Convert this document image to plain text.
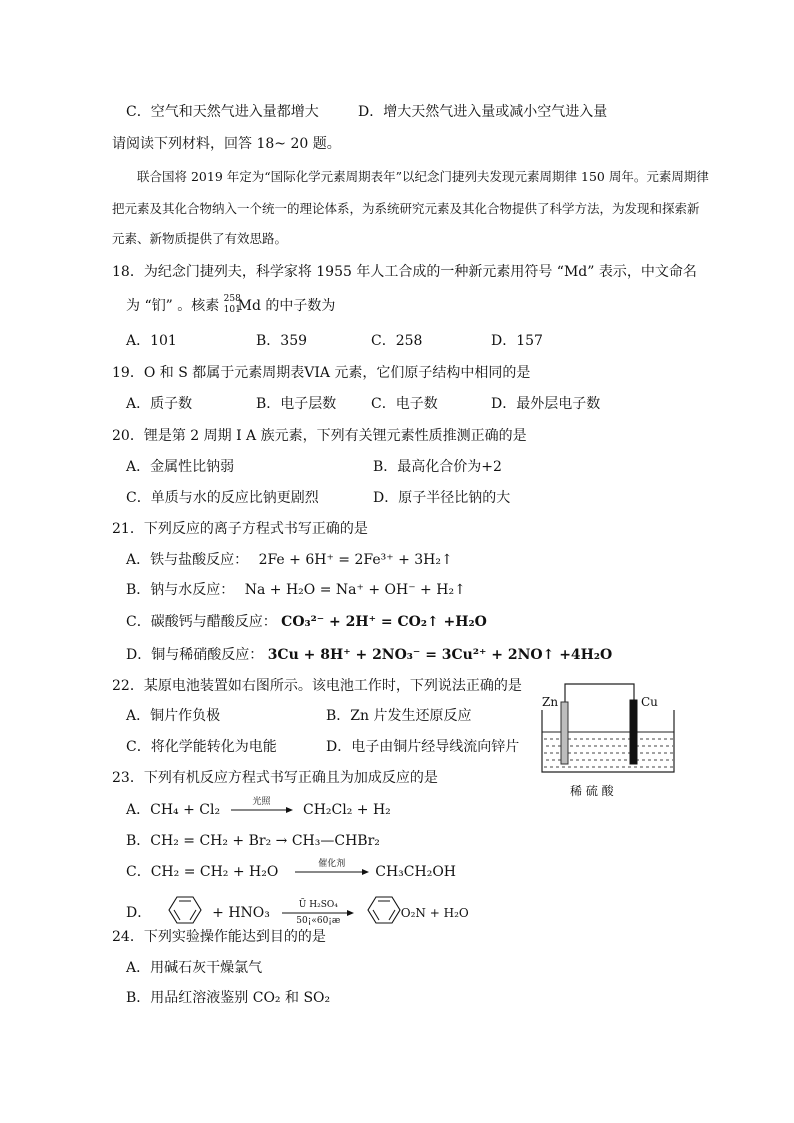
C．空气和天然气进入量都增大	D．增大天然气进入量或减小空气进入量
请阅读下列材料，回答 18~ 20 题。
联合国将 2019 年定为“国际化学元素周期表年”以纪念门捷列夫发现元素周期律 150 周年。元素周期律
把元素及其化合物纳入一个统一的理论体系，为系统研究元素及其化合物提供了科学方法，为发现和探索新
元素、新物质提供了有效思路。
18．为纪念门捷列夫，科学家将 1955 年人工合成的一种新元素用符号 “Md” 表示，中文命名
为 “钔” 。核素 258
101
Md 的中子数为
A．101	B．359	C．258	D．157
19．O 和 S 都属于元素周期表VIA 元素，它们原子结构中相同的是
A．质子数	B．电子层数 C．电子数	D．最外层电子数
20．锂是第 2 周期 I A 族元素，下列有关锂元素性质推测正确的是
A．金属性比钠弱	B．最高化合价为+2
C．单质与水的反应比钠更剧烈	D．原子半径比钠的大
21．下列反应的离子方程式书写正确的是
A．铁与盐酸反应： 2Fe + 6H⁺ = 2Fe³⁺ + 3H₂↑
B．钠与水反应： Na + H₂O = Na⁺ + OH⁻ + H₂↑
C．碳酸钙与醋酸反应： CO₃²⁻ + 2H⁺ = CO₂↑ +H₂O
D．铜与稀硝酸反应： 3Cu + 8H⁺ + 2NO₃⁻ = 3Cu²⁺ + 2NO↑ +4H₂O
22．某原电池装置如右图所示。该电池工作时，下列说法正确的是
A．铜片作负极	B．Zn 片发生还原反应
C．将化学能转化为电能	D．电子由铜片经导线流向锌片
Zn	Cu
稀 硫 酸
23．下列有机反应方程式书写正确且为加成反应的是
A．CH₄ + Cl₂	光照	CH₂Cl₂ + H₂
B．CH₂ = CH₂ + Br₂ → CH₃—CHBr₂
C．CH₂ = CH₂ + H₂O	催化剂	CH₃CH₂OH
D．	+ HNO₃	Ũ H₂SO₄
50¡«60¡æ
O₂N + H₂O
24．下列实验操作能达到目的的是
A．用碱石灰干燥氯气
B．用品红溶液鉴别 CO₂ 和 SO₂
